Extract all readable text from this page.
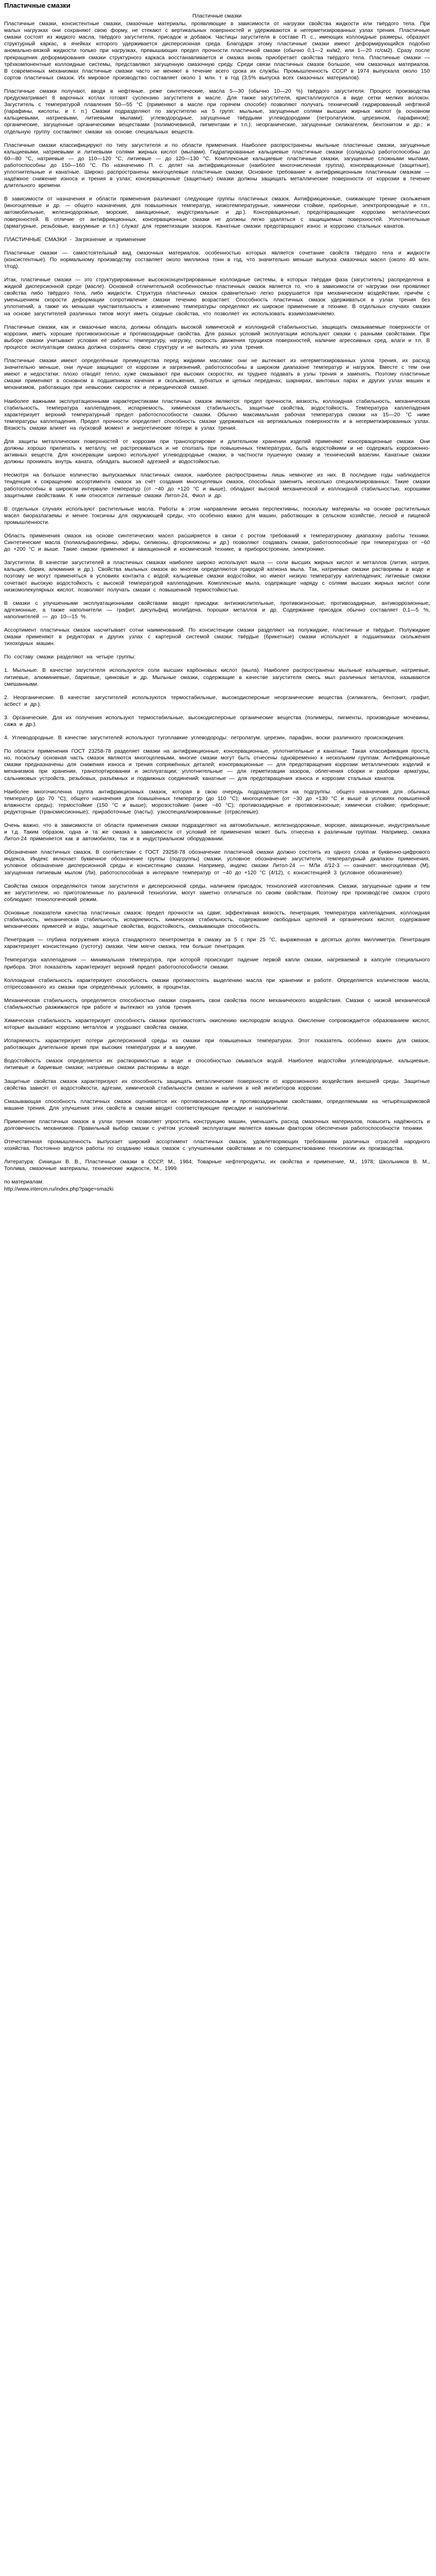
Пластичные смазки
Пластичные смазки

Пластичные смазки, консистентные смазки, смазочные материалы, проявляющие в зависимости от нагрузки свойства жидкости или твёрдого тела. При малых нагрузках они сохраняют свою форму, не стекают с вертикальных поверхностей и удерживаются в негерметизированных узлах трения. Пластичные смазки состоят из жидкого масла, твёрдого загустителя, присадок и добавок. Частицы загустителя в составе П. с., имеющих коллоидные размеры, образуют структурный каркас, в ячейках которого удерживается дисперсионная среда. Благодаря этому пластичные смазки имеют деформирующийся подобно аномально-вязкой жидкости только при нагрузках, превышающих предел прочности пластичной смазки (обычно 0,1—2 кн/м2, или 1—20 гс/см2). Сразу после прекращения деформирования смазки структурного каркаса восстанавливается и смазка вновь приобретает свойства твёрдого тела. Пластичные смазки — трёхкомпонентные коллоидные системы, представляют загущенную смазочную среду. Среди связи пластичных смазок большое, чем смазочных материалов. В современных механизмах пластичные смазки часто не меняют в течение всего срока их службы. Промышленность СССР в 1974 выпускала около 150 сортов пластичных смазок. Их мировое производство составляет около 1 млн. т в год (3,5% выпуска всех смазочных материалов).

Пластичные смазки получают, вводя в нефтяные, реже синтетические, масла 5—30 (обычно 10—20 %) твёрдого загустителя. Процесс производства предусматривает 8 варочных котлах готовят суспензию загустителя в масле. Для также загустителя, кристаллизуются в виде сетки мелких волокон. Загуститель с температурой плавления 50—55 °С (применяют в масле при горячем способе) позволяют получать технический гидрированный нефтяной (парафины, кислоты, и т. п.) Смазки подразделяют по загустителю на 5 групп: мыльные, загущенные солями высших жирных кислот (в основном кальциевыми, натриевыми, литиевыми мылами); углеводородные, загущенные твёрдыми углеводородами (петролатумом, церезином, парафином); органические, загущенные органическими веществами (полимочевиной, пигментами и т.п.); неорганические, загущенные силикагелем, бентонитом и др.; и отдельную группу составляют смазки на основе специальных веществ.

Пластичные смазки классифицируют по типу загустителя и по области применения. Наиболее распространены мыльные пластичные смазки, загущенные кальциевыми, натриевыми и литиевыми солями жирных кислот (мылами). Гидратированные кальциевые пластичные смазки (солидолы) работоспособны до 60—80 °С, натриевые — до 110—120 °С, литиевые — до 120—130 °С. Комплексные кальциевые пластичные смазки, загущенные сложными мылами, работоспособны до 150—160 °С. По назначению П. с. делят на антифрикционные (наиболее многочисленная группа), консервационные (защитные), уплотнительные и канатные. Широко распространены многоцелевые пластичные смазки. Основное требование к антифрикционным пластичным смазкам — надёжное снижение износа и трения в узлах; консервационные (защитные) смазки должны защищать металлические поверхности от коррозии в течение длительного времени.

В зависимости от назначения и области применения различают следующие группы пластичных смазок. Антифрикционные, снижающие трение скольжения (многоцелевые и др. — общего назначения, для повышенных температур, низкотемпературные, химически стойкие, приборные, электропроводные и т.п., автомобильные, железнодорожные, морские, авиационные, индустриальные и др.). Консервационные, предотвращающие коррозию металлических поверхностей. В отличие от антифрикционных, консервационные смазки не должны легко удаляться с защищаемых поверхностей. Уплотнительные (арматурные, резьбовые, вакуумные и т.п.) служат для герметизации зазоров. Канатные смазки предотвращают износ и коррозию стальных канатов.

ПЛАСТИЧНЫЕ СМАЗКИ - Загрязнение и применение

Пластичные смазки — самостоятельный вид смазочных материалов, особенностью которых является сочетание свойств твёрдого тела и жидкости (консистентные). По нормальному производству составляет около миллиона тонн в год, что значительно меньше выпуска смазочных масел (около 40 млн. т/год).

Итак, пластичные смазки — это структурированные высококонцентрированные коллоидные системы, в которых твёрдая фаза (загуститель) распределена в жидкой дисперсионной среде (масле). Основной отличительной особенностью пластичных смазок является то, что в зависимости от нагрузки они проявляют свойства либо твёрдого тела, либо жидкости. Структура пластичных смазок сравнительно легко разрушается при механическом воздействии, причём с уменьшением скорости деформации сопротивление смазки течению возрастает. Способность пластичных смазок удерживаться в узлах трения без уплотнений, а также их меньшая чувствительность к изменению температуры определяют их широкое применение в технике. В отдельных случаях смазки на основе загустителей различных типов могут иметь сходные свойства, что позволяет их использовать взаимозаменяемо.

Пластичные смазки, как и смазочные масла, должны обладать высокой химической и коллоидной стабильностью, защищать смазываемые поверхности от коррозии, иметь хорошие противоизносные и противозадирные свойства. Для разных условий эксплуатации используют смазки с разными свойствами. При выборе смазки учитывают условия её работы: температуру, нагрузку, скорость движения трущихся поверхностей, наличие агрессивных сред, влаги и т.п. В процессе эксплуатации смазка должна сохранять свою структуру и не вытекать из узла трения.

Пластичные смазки имеют определённые преимущества перед жидкими маслами: они не вытекают из негерметизированных узлов трения, их расход значительно меньше, они лучше защищают от коррозии и загрязнений, работоспособны в широком диапазоне температур и нагрузок. Вместе с тем они имеют и недостатки: плохо отводят тепло, хуже смазывают при высоких скоростях, их труднее подавать в узлы трения и заменять. Поэтому пластичные смазки применяют в основном в подшипниках качения и скольжения, зубчатых и цепных передачах, шарнирах, винтовых парах и других узлах машин и механизмов, работающих при невысоких скоростях и периодической смазке.

Наиболее важными эксплуатационными характеристиками пластичных смазок являются: предел прочности, вязкость, коллоидная стабильность, механическая стабильность, температура каплепадения, испаряемость, химическая стабильность, защитные свойства, водостойкость. Температура каплепадения характеризует верхний температурный предел работоспособности смазки. Обычно максимальная рабочая температура смазки на 15—20 °С ниже температуры каплепадения. Предел прочности определяет способность смазки удерживаться на вертикальных поверхностях и в негерметизированных узлах. Вязкость смазки влияет на пусковой момент и энергетические потери в узлах трения.

Для защиты металлических поверхностей от коррозии при транспортировке и длительном хранении изделий применяют консервационные смазки. Они должны хорошо прилипать к металлу, не растрескиваться и не сползать при повышенных температурах, быть водостойкими и не содержать коррозионно-активных веществ. Для консервации широко используют углеводородные смазки, в частности пушечную смазку и технический вазелин. Канатные смазки должны проникать внутрь каната, обладать высокой адгезией и водостойкостью.

Несмотря на большое количество выпускаемых пластичных смазок, наиболее распространены лишь немногие из них. В последние годы наблюдается тенденция к сокращению ассортимента смазок за счёт создания многоцелевых смазок, способных заменить несколько специализированных. Такие смазки работоспособны в широком интервале температур (от −40 до +120 °С и выше), обладают высокой механической и коллоидной стабильностью, хорошими защитными свойствами. К ним относятся литиевые смазки Литол-24, Фиол и др.

В отдельных случаях используют растительные масла. Работы в этом направлении весьма перспективны, поскольку материалы на основе растительных масел биоразлагаемы и менее токсичны для окружающей среды, что особенно важно для машин, работающих в сельском хозяйстве, лесной и пищевой промышленности.

Область применения смазок на основе синтетических масел расширяется в связи с ростом требований к температурному диапазону работы техники. Синтетические масла (полиальфаолефины, эфиры, силиконы, фторсиликоны и др.) позволяют создавать смазки, работоспособные при температурах от −60 до +200 °С и выше. Такие смазки применяют в авиационной и космической технике, в приборостроении, электронике.

Загустители. В качестве загустителей в пластичных смазках наиболее широко используют мыла — соли высших жирных кислот и металлов (лития, натрия, кальция, бария, алюминия и др.). Свойства мыльных смазок во многом определяются природой катиона мыла. Так, натриевые смазки растворимы в воде и поэтому не могут применяться в условиях контакта с водой; кальциевые смазки водостойки, но имеют низкую температуру каплепадения; литиевые смазки сочетают высокую водостойкость с высокой температурой каплепадения. Комплексные мыла, содержащие наряду с солями высших жирных кислот соли низкомолекулярных кислот, позволяют получать смазки с повышенной термостойкостью.

В смазки с улучшенными эксплуатационными свойствами вводят присадки: антиокислительные, противоизносные, противозадирные, антикоррозионные, адгезионные, а также наполнители — графит, дисульфид молибдена, порошки металлов и др. Содержание присадок обычно составляет 0,1—5 %, наполнителей — до 10—15 %.

Ассортимент пластичных смазок насчитывает сотни наименований. По консистенции смазки разделяют на полужидкие, пластичные и твёрдые. Полужидкие смазки применяют в редукторах и других узлах с картерной системой смазки; твёрдые (брикетные) смазки используют в подшипниках скольжения тихоходных машин.

По составу смазки разделяют на четыре группы:

1. Мыльные. В качестве загустителя используются соли высших карбоновых кислот (мыла). Наиболее распространены мыльные кальциевые, натриевые, литиевые, алюминиевые, бариевые, цинковые и др. Мыльные смазки, содержащие в качестве загустителя смесь мыл различных металлов, называются смешанными.

2. Неорганические. В качестве загустителей используются термостабильные, высокодисперсные неорганические вещества (силикагель, бентонит, графит, асбест и др.).

3. Органические. Для их получения используют термостабильные, высокодисперсные органические вещества (полимеры, пигменты, производные мочевины, сажа и др.).

4. Углеводородные. В качестве загустителей используют тугоплавкие углеводороды: петролатум, церезин, парафин, воски различного происхождения.

По области применения ГОСТ 23258-78 разделяет смазки на антифрикционные, консервационные, уплотнительные и канатные. Такая классификация проста, но, поскольку основная часть смазок являются многоцелевыми, многие смазки могут быть отнесены одновременно к нескольким группам. Антифрикционные смазки предназначены для снижения износа и трения сопряжённых деталей; консервационные — для предотвращения коррозии металлических изделий и механизмов при хранении, транспортировании и эксплуатации; уплотнительные — для герметизации зазоров, облегчения сборки и разборки арматуры, сальниковых устройств, резьбовых, разъёмных и подвижных соединений; канатные — для предотвращения износа и коррозии стальных канатов.

Наиболее многочисленна группа антифрикционных смазок, которая в свою очередь подразделяется на подгруппы: общего назначения для обычных температур (до 70 °С); общего назначения для повышенных температур (до 110 °С); многоцелевые (от −30 до +130 °С и выше в условиях повышенной влажности среды); термостойкие (150 °С и выше); морозостойкие (ниже −40 °С); противозадирные и противоизносные; химически стойкие; приборные; редукторные (трансмиссионные); приработочные (пасты); узкоспециализированные (отраслевые).

Очень важно, что в зависимости от области применения смазки подразделяют на автомобильные, железнодорожные, морские, авиационные, индустриальные и т.д. Таким образом, одна и та же смазка в зависимости от условий её применения может быть отнесена к различным группам. Например, смазка Литол-24 применяется как в автомобилях, так и в индустриальном оборудовании.

Обозначение пластичных смазок. В соответствии с ГОСТ 23258-78 обозначение пластичной смазки должно состоять из одного слова и буквенно-цифрового индекса. Индекс включает буквенное обозначение группы (подгруппы) смазки, условное обозначение загустителя, температурный диапазон применения, условное обозначение дисперсионной среды и консистенцию смазки. Например, индекс смазки Литол-24 — МЛи 4/12-3 — означает: многоцелевая (М), загущенная литиевым мылом (Ли), работоспособная в интервале температур от −40 до +120 °С (4/12), с консистенцией 3 (условное обозначение).

Свойства смазок определяются типом загустителя и дисперсионной среды, наличием присадок, технологией изготовления. Смазки, загущенные одним и тем же загустителем, но приготовленные по различной технологии, могут заметно отличаться по своим свойствам. Поэтому при производстве смазок строго соблюдают технологический режим.

Основные показатели качества пластичных смазок: предел прочности на сдвиг, эффективная вязкость, пенетрация, температура каплепадения, коллоидная стабильность, механическая стабильность, испаряемость, химическая стабильность, содержание свободных щелочей и органических кислот, содержание механических примесей и воды, защитные свойства, водостойкость, смазывающая способность.

Пенетрация — глубина погружения конуса стандартного пенетрометра в смазку за 5 с при 25 °С, выраженная в десятых долях миллиметра. Пенетрация характеризует консистенцию (густоту) смазки. Чем мягче смазка, тем больше пенетрация.

Температура каплепадения — минимальная температура, при которой происходит падение первой капли смазки, нагреваемой в капсуле специального прибора. Этот показатель характеризует верхний предел работоспособности смазки.

Коллоидная стабильность характеризует способность смазки противостоять выделению масла при хранении и работе. Определяется количеством масла, отпрессованного из смазки при определённых условиях, в процентах.

Механическая стабильность определяется способностью смазки сохранять свои свойства после механического воздействия. Смазки с низкой механической стабильностью разжижаются при работе и вытекают из узлов трения.

Химическая стабильность характеризует способность смазки противостоять окислению кислородом воздуха. Окисление сопровождается образованием кислот, которые вызывают коррозию металлов и ухудшают свойства смазки.

Испаряемость характеризует потери дисперсионной среды из смазки при повышенных температурах. Этот показатель особенно важен для смазок, работающих длительное время при высоких температурах и в вакууме.

Водостойкость смазок определяется их растворимостью в воде и способностью смываться водой. Наиболее водостойки углеводородные, кальциевые, литиевые и бариевые смазки; натриевые смазки растворимы в воде.

Защитные свойства смазок характеризуют их способность защищать металлические поверхности от коррозионного воздействия внешней среды. Защитные свойства зависят от водостойкости, адгезии, химической стабильности смазки и наличия в ней ингибиторов коррозии.

Смазывающая способность пластичных смазок оценивается их противоизносными и противозадирными свойствами, определяемыми на четырёхшариковой машине трения. Для улучшения этих свойств в смазки вводят соответствующие присадки и наполнители.

Применение пластичных смазок в узлах трения позволяет упростить конструкцию машин, уменьшить расход смазочных материалов, повысить надёжность и долговечность механизмов. Правильный выбор смазки с учётом условий эксплуатации является важным фактором обеспечения работоспособности техники.

Отечественная промышленность выпускает широкий ассортимент пластичных смазок, удовлетворяющих требованиям различных отраслей народного хозяйства. Постоянно ведутся работы по созданию новых смазок с улучшенными свойствами и по совершенствованию технологии их производства.

Литература: Синицын В. В., Пластичные смазки в СССР, М., 1984; Товарные нефтепродукты, их свойства и применение, М., 1978; Школьников В. М., Топлива, смазочные материалы, технические жидкости, М., 1999.

по материалам:
http://www.intercm.ru/index.php?page=smazki
